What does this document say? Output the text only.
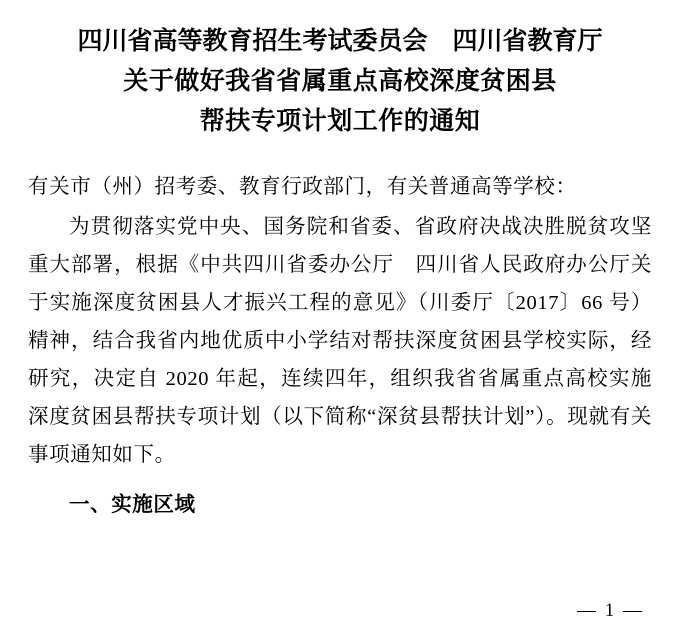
四川省高等教育招生考试委员会　四川省教育厅
关于做好我省省属重点高校深度贫困县
帮扶专项计划工作的通知
有关市（州）招考委、教育行政部门，有关普通高等学校：
为贯彻落实党中央、国务院和省委、省政府决战决胜脱贫攻坚重大部署，根据《中共四川省委办公厅　四川省人民政府办公厅关于实施深度贫困县人才振兴工程的意见》（川委厅〔2017〕66 号）精神，结合我省内地优质中小学结对帮扶深度贫困县学校实际，经研究，决定自 2020 年起，连续四年，组织我省省属重点高校实施深度贫困县帮扶专项计划（以下简称“深贫县帮扶计划”）。现就有关事项通知如下。
一、实施区域
— 1 —
